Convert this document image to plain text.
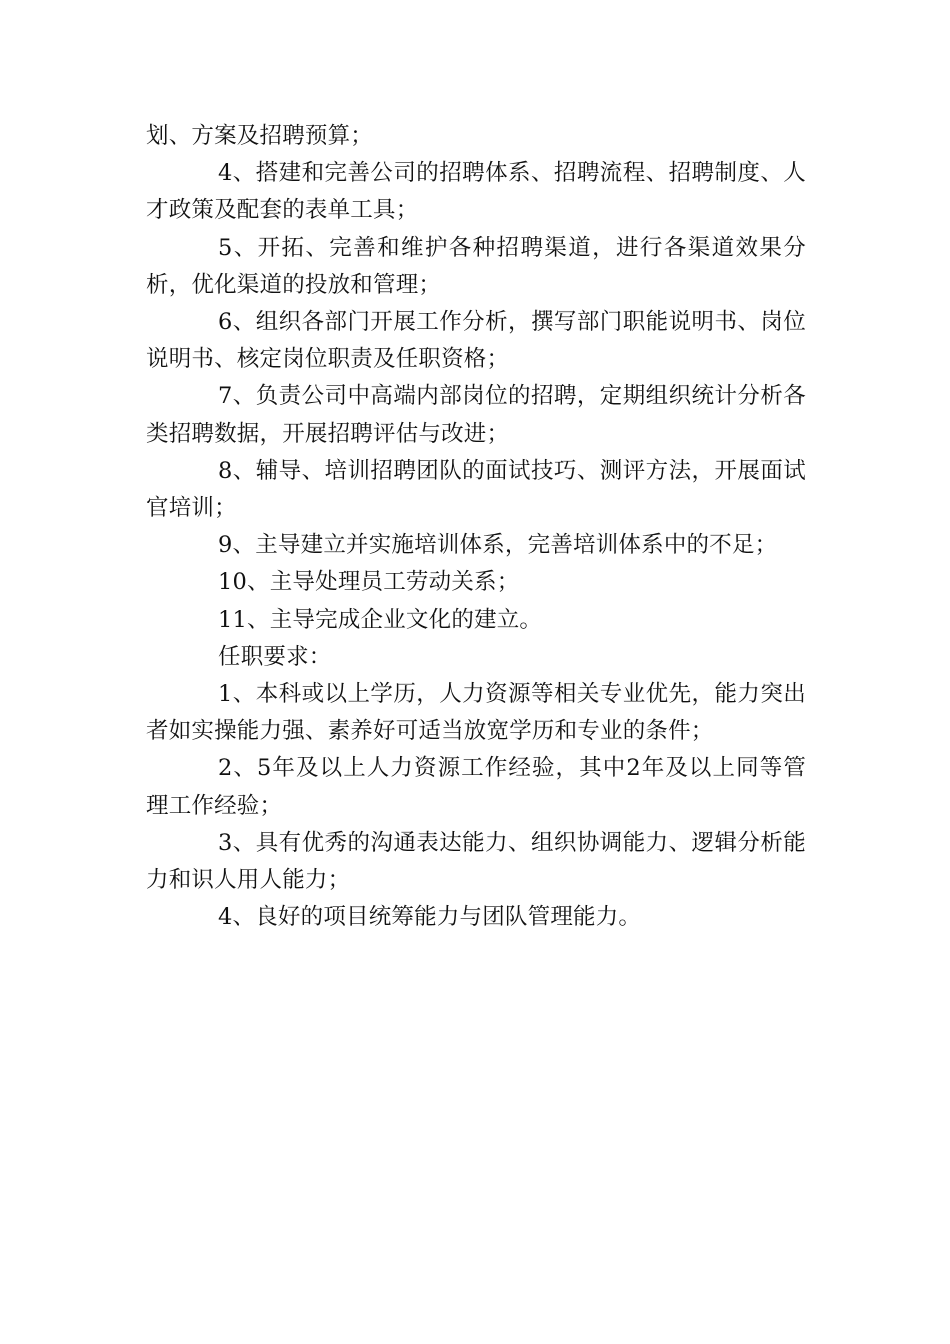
划、方案及招聘预算；

4、搭建和完善公司的招聘体系、招聘流程、招聘制度、人才政策及配套的表单工具；

5、开拓、完善和维护各种招聘渠道，进行各渠道效果分析，优化渠道的投放和管理；

6、组织各部门开展工作分析，撰写部门职能说明书、岗位说明书、核定岗位职责及任职资格；

7、负责公司中高端内部岗位的招聘，定期组织统计分析各类招聘数据，开展招聘评估与改进；

8、辅导、培训招聘团队的面试技巧、测评方法，开展面试官培训；

9、主导建立并实施培训体系，完善培训体系中的不足；

10、主导处理员工劳动关系；

11、主导完成企业文化的建立。

任职要求：

1、本科或以上学历，人力资源等相关专业优先，能力突出者如实操能力强、素养好可适当放宽学历和专业的条件；

2、5年及以上人力资源工作经验，其中2年及以上同等管理工作经验；

3、具有优秀的沟通表达能力、组织协调能力、逻辑分析能力和识人用人能力；

4、良好的项目统筹能力与团队管理能力。
